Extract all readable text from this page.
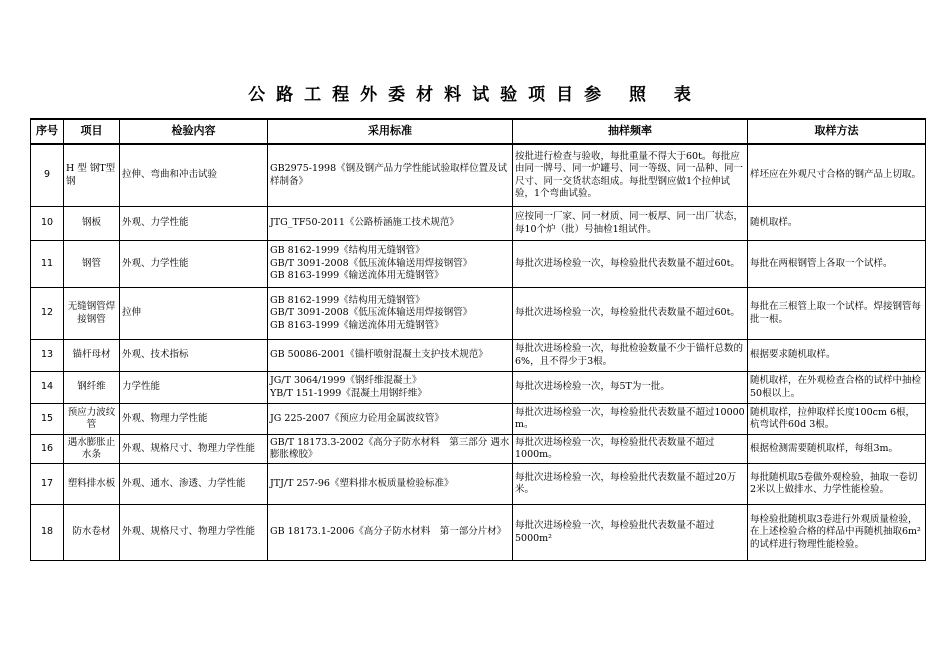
公路工程外委材料试验项目参 照 表
序号	项目	检验内容	采用标准	抽样频率	取样方法
9	H 型 钢T型钢	拉伸、弯曲和冲击试验	GB2975-1998《钢及钢产品力学性能试验取样位置及试样制备》	按批进行检查与验收，每批重量不得大于60t。每批应由同一牌号、同一炉罐号、同一等级、同一品种、同一尺寸、同一交货状态组成。每批型钢应做1个拉伸试验，1个弯曲试验。	样坯应在外观尺寸合格的钢产品上切取。
10	钢板	外观、力学性能	JTG_TF50-2011《公路桥涵施工技术规范》	应按同一厂家、同一材质、同一板厚、同一出厂状态，每10个炉（批）号抽检1组试件。	随机取样。
11	钢管	外观、力学性能	GB 8162-1999《结构用无缝钢管》
GB/T 3091-2008《低压流体输送用焊接钢管》
GB 8163-1999《输送流体用无缝钢管》	每批次进场检验一次，每检验批代表数量不超过60t。	每批在两根钢管上各取一个试样。
12	无缝钢管焊接钢管	拉伸	GB 8162-1999《结构用无缝钢管》
GB/T 3091-2008《低压流体输送用焊接钢管》
GB 8163-1999《输送流体用无缝钢管》	每批次进场检验一次，每检验批代表数量不超过60t。	每批在三根管上取一个试样。焊接钢管每批一根。
13	锚杆母材	外观、技术指标	GB 50086-2001《锚杆喷射混凝土支护技术规范》	每批次进场检验一次，每批检验数量不少于锚杆总数的6%，且不得少于3根。	根据要求随机取样。
14	钢纤维	力学性能	JG/T 3064/1999《钢纤维混凝土》
YB/T 151-1999《混凝土用钢纤维》	每批次进场检验一次，每5T为一批。	随机取样，在外观检查合格的试样中抽检50根以上。
15	预应力波纹管	外观、物理力学性能	JG 225-2007《预应力砼用金属波纹管》	每批次进场检验一次，每检验批代表数量不超过10000 m。	随机取样，拉伸取样长度100cm 6根，杭弯试件60d 3根。
16	遇水膨胀止水条	外观、规格尺寸、物理力学性能	GB/T 18173.3-2002《高分子防水材料　第三部分 遇水膨胀橡胶》	每批次进场检验一次，每检验批代表数量不超过1000m。	根据检测需要随机取样，每组3m。
17	塑料排水板	外观、通水、渗透、力学性能	JTJ/T 257-96《塑料排水板质量检验标准》	每批次进场检验一次，每检验批代表数量不超过20万米。	每批随机取5卷做外观检验，抽取一卷切2米以上做排水、力学性能检验。
18	防水卷材	外观、规格尺寸、物理力学性能	GB 18173.1-2006《高分子防水材料　第一部分片材》	每批次进场检验一次，每检验批代表数量不超过5000m²	每检验批随机取3卷进行外观质量检验，在上述检验合格的样品中再随机抽取6m²的试样进行物理性能检验。
